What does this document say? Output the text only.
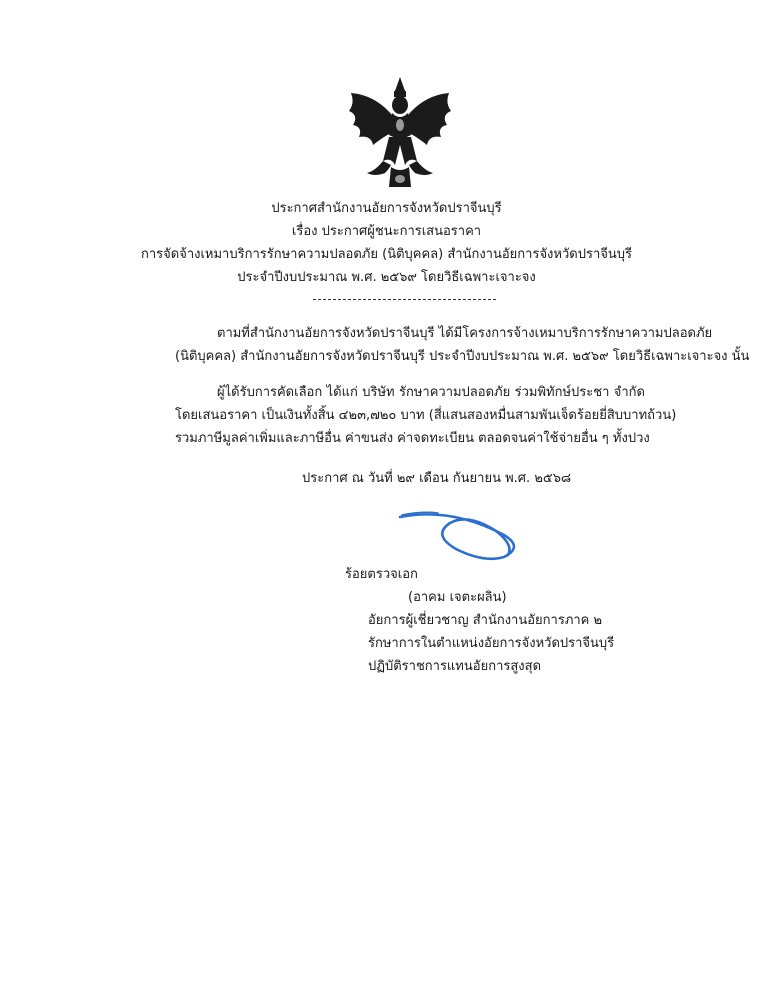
ประกาศสำนักงานอัยการจังหวัดปราจีนบุรี
เรื่อง ประกาศผู้ชนะการเสนอราคา
การจัดจ้างเหมาบริการรักษาความปลอดภัย (นิติบุคคล) สำนักงานอัยการจังหวัดปราจีนบุรี
ประจำปีงบประมาณ พ.ศ. ๒๕๖๙ โดยวิธีเฉพาะเจาะจง
ตามที่สำนักงานอัยการจังหวัดปราจีนบุรี ได้มีโครงการจ้างเหมาบริการรักษาความปลอดภัย
(นิติบุคคล) สำนักงานอัยการจังหวัดปราจีนบุรี ประจำปีงบประมาณ พ.ศ. ๒๕๖๙ โดยวิธีเฉพาะเจาะจง นั้น
ผู้ได้รับการคัดเลือก ได้แก่ บริษัท รักษาความปลอดภัย ร่วมพิทักษ์ประชา จำกัด
โดยเสนอราคา เป็นเงินทั้งสิ้น ๔๒๓,๗๒๐ บาท (สี่แสนสองหมื่นสามพันเจ็ดร้อยยี่สิบบาทถ้วน)
รวมภาษีมูลค่าเพิ่มและภาษีอื่น ค่าขนส่ง ค่าจดทะเบียน ตลอดจนค่าใช้จ่ายอื่น ๆ ทั้งปวง
ประกาศ ณ วันที่ ๒๙ เดือน กันยายน พ.ศ. ๒๕๖๘
ร้อยตรวจเอก
(อาคม เจตะผลิน)
อัยการผู้เชี่ยวชาญ สำนักงานอัยการภาค ๒
รักษาการในตำแหน่งอัยการจังหวัดปราจีนบุรี
ปฏิบัติราชการแทนอัยการสูงสุด
